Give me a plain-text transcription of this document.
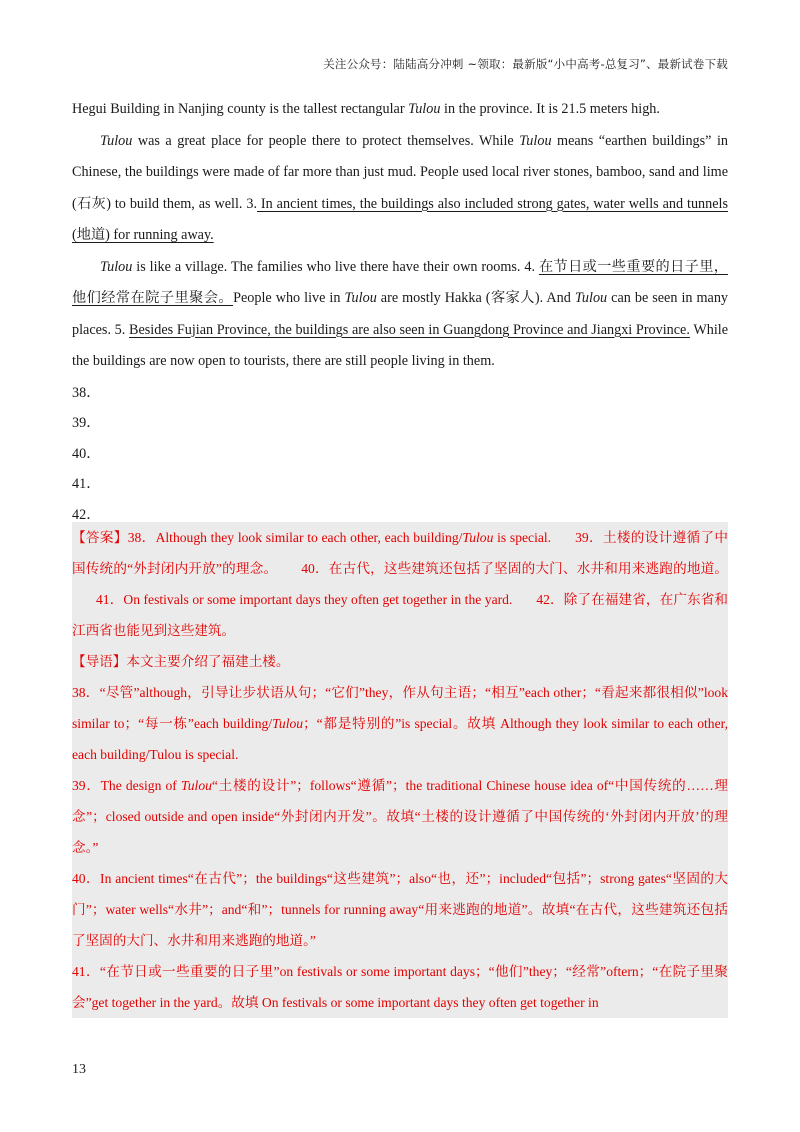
关注公众号：陆陆高分冲刺 ~领取：最新版“小中高考-总复习”、最新试卷下载

Hegui Building in Nanjing county is the tallest rectangular Tulou in the province. It is 21.5 meters high.

Tulou was a great place for people there to protect themselves. While Tulou means “earthen buildings” in Chinese, the buildings were made of far more than just mud. People used local river stones, bamboo, sand and lime (石灰) to build them, as well. 3. In ancient times, the buildings also included strong gates, water wells and tunnels (地道) for running away.

Tulou is like a village. The families who live there have their own rooms. 4. 在节日或一些重要的日子里，他们经常在院子里聚会。People who live in Tulou are mostly Hakka (客家人). And Tulou can be seen in many places. 5. Besides Fujian Province, the buildings are also seen in Guangdong Province and Jiangxi Province. While the buildings are now open to tourists, there are still people living in them.

38．
39．
40．
41．
42．

【答案】38．Although they look similar to each other, each building/Tulou is special. 39．土楼的设计遵循了中国传统的“外封闭内开放”的理念。 40．在古代，这些建筑还包括了坚固的大门、水井和用来逃跑的地道。41．On festivals or some important days they often get together in the yard. 42．除了在福建省，在广东省和江西省也能见到这些建筑。

【导语】本文主要介绍了福建土楼。

38．“尽管”although，引导让步状语从句；“它们”they，作从句主语；“相互”each other；“看起来都很相似”look similar to；“每一栋”each building/Tulou；“都是特别的”is special。故填 Although they look similar to each other, each building/Tulou is special.

39．The design of Tulou“土楼的设计”；follows“遵循”；the traditional Chinese house idea of“中国传统的……理念”；closed outside and open inside“外封闭内开发”。故填“土楼的设计遵循了中国传统的‘外封闭内开放’的理念。”

40．In ancient times“在古代”；the buildings“这些建筑”；also“也，还”；included“包括”；strong gates“坚固的大门”；water wells“水井”；and“和”；tunnels for running away“用来逃跑的地道”。故填“在古代，这些建筑还包括了坚固的大门、水井和用来逃跑的地道。”

41．“在节日或一些重要的日子里”on festivals or some important days；“他们”they；“经常”oftern；“在院子里聚会”get together in the yard。故填 On festivals or some important days they often get together in

13
